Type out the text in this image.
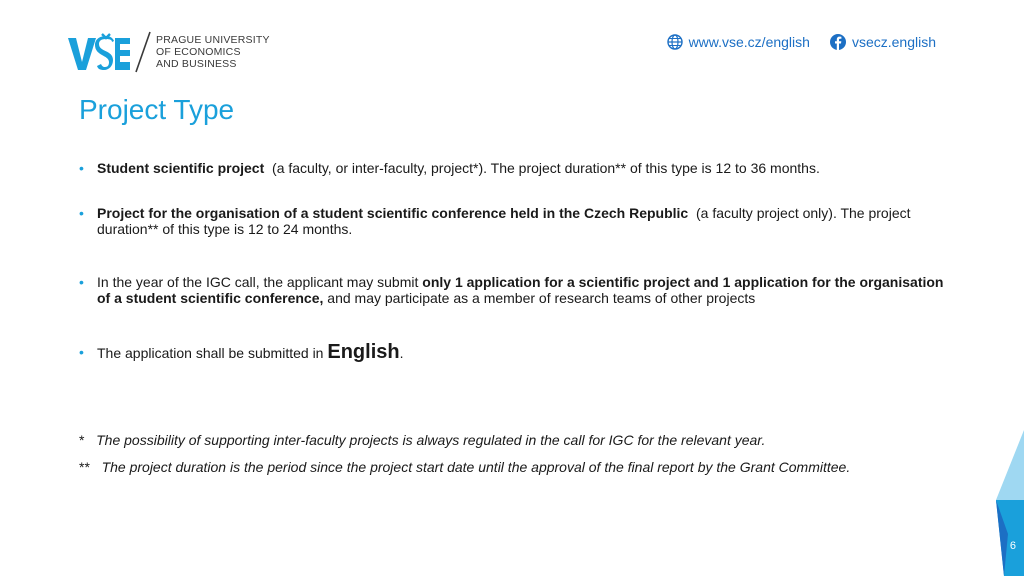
PRAGUE UNIVERSITY
OF ECONOMICS
AND BUSINESS
www.vse.cz/english	vsecz.english
Project Type
• Student scientific project  (a faculty, or inter-faculty, project*). The project duration** of this type is 12 to 36 months.
• Project for the organisation of a student scientific conference held in the Czech Republic  (a faculty project only). The project duration** of this type is 12 to 24 months.
• In the year of the IGC call, the applicant may submit only 1 application for a scientific project and 1 application for the organisation of a student scientific conference, and may participate as a member of research teams of other projects
• The application shall be submitted in English.

* The possibility of supporting inter-faculty projects is always regulated in the call for IGC for the relevant year.

** The project duration is the period since the project start date until the approval of the final report by the Grant Committee.

6
